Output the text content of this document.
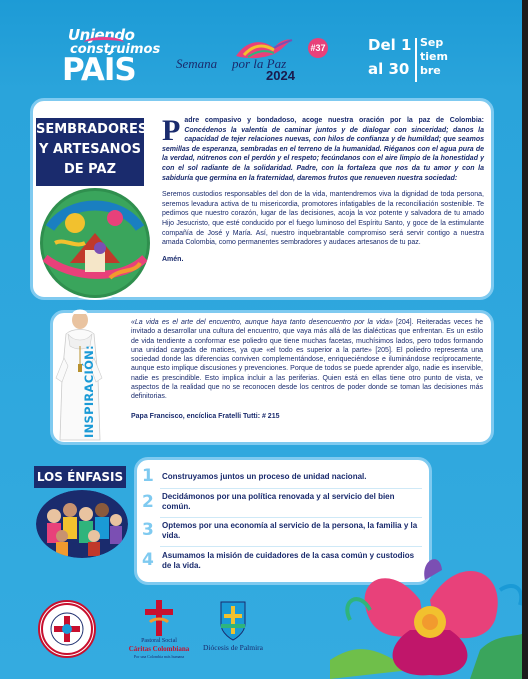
Unjendo
construimos
PAÍS	Semana por la Paz
#37
2024
Del 1
al 30
Sep
tiem
bre
SEMBRADORES
Y ARTESANOS
DE PAZ

Padre compasivo y bondadoso, acoge nuestra oración por la paz de Colombia: Concédenos la valentía de caminar juntos y de dialogar con sinceridad; danos la capacidad de tejer relaciones nuevas, con hilos de confianza y de humildad; que seamos semillas de esperanza, sembradas en el terreno de la humanidad. Riéganos con el agua pura de la verdad, nútrenos con el perdón y el respeto; fecúndanos con el aire limpio de la honestidad y con el sol radiante de la solidaridad. Padre, con la fortaleza que nos da tu amor y con la sabiduría que germina en la fraternidad, daremos frutos que renueven nuestra sociedad:

Seremos custodios responsables del don de la vida, mantendremos viva la dignidad de toda persona, seremos levadura activa de tu misericordia, promotores infatigables de la reconciliación sostenible. Te pedimos que nuestro corazón, lugar de las decisiones, acoja la voz potente y salvadora de tu amado Hijo Jesucristo, que esté conducido por el fuego luminoso del Espíritu Santo, y goce de la estimulante compañía de José y María. Así, nuestro inquebrantable compromiso será servir contigo a nuestra amada Colombia, como permanentes sembradores y audaces artesanos de tu paz.

Amén.

INSPIRACIÓN:

«La vida es el arte del encuentro, aunque haya tanto desencuentro por la vida» [204]. Reiteradas veces he invitado a desarrollar una cultura del encuentro, que vaya más allá de las dialécticas que enfrentan. Es un estilo de vida tendiente a conformar ese poliedro que tiene muchas facetas, muchísimos lados, pero todos formando una unidad cargada de matices, ya que «el todo es superior a la parte» [205]. El poliedro representa una sociedad donde las diferencias conviven complementándose, enriqueciéndose e iluminándose recíprocamente, aunque esto implique discusiones y prevenciones. Porque de todos se puede aprender algo, nadie es inservible, nadie es prescindible. Esto implica incluir a las periferias. Quien está en ellas tiene otro punto de vista, ve aspectos de la realidad que no se reconocen desde los centros de poder donde se toman las decisiones más definitorias.

Papa Francisco, encíclica Fratelli Tutti: # 215

LOS ÉNFASIS 1 Construyamos juntos un proceso de unidad nacional.
2 Decidámonos por una política renovada y al servicio del bien común.
3 Optemos por una economía al servicio de la persona, la familia y la vida.
4 Asumamos la misión de cuidadores de la casa común y custodios de la vida.
Pastoral Social
Cáritas Colombiana
Por una Colombia más humana
Diócesis de Palmira
